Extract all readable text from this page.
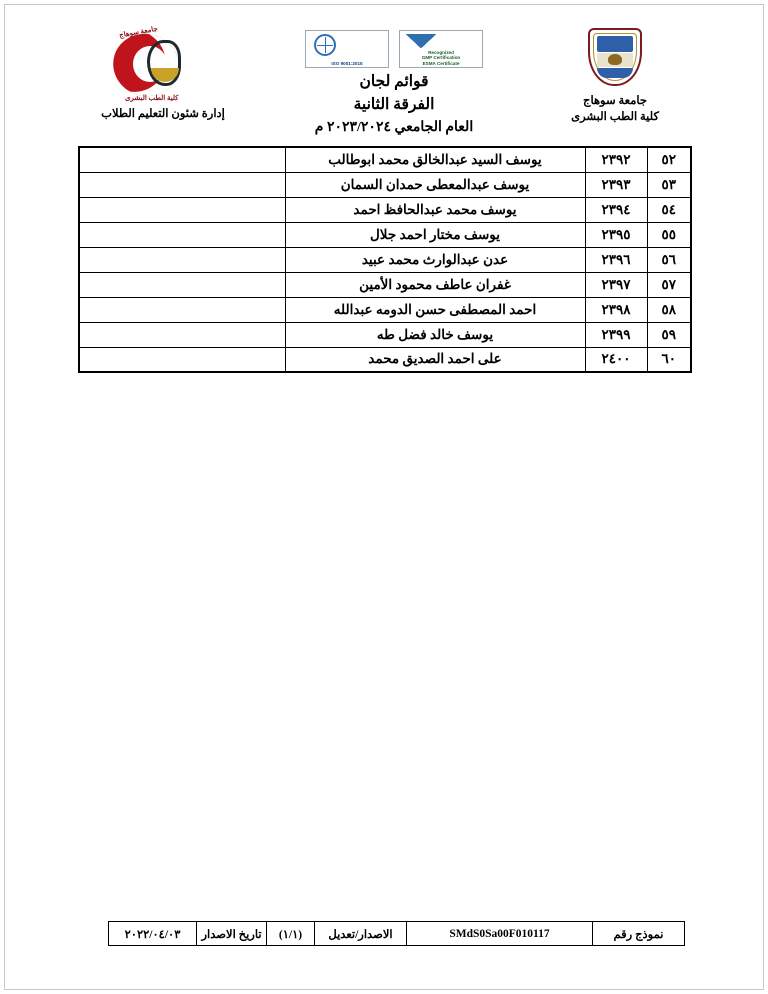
جامعة سوهاج
كلية الطب البشرى
Recognized
GMP Certification
ESMA Certificate
ISO 9001:2015
قوائم لجان
الفرقة الثانية
العام الجامعي ٢٠٢٣/٢٠٢٤ م
جامعة سوهاج
كلية الطب البشرى
إدارة شئون التعليم الطلاب
٥٢	٢٣٩٢	يوسف السيد عبدالخالق محمد ابوطالب	
٥٣	٢٣٩٣	يوسف عبدالمعطى حمدان السمان	
٥٤	٢٣٩٤	يوسف محمد عبدالحافظ احمد	
٥٥	٢٣٩٥	يوسف مختار احمد جلال	
٥٦	٢٣٩٦	عدن عبدالوارث محمد عبيد	
٥٧	٢٣٩٧	غفران عاطف محمود الأمين	
٥٨	٢٣٩٨	احمد المصطفى حسن الدومه عبدالله	
٥٩	٢٣٩٩	يوسف خالد فضل طه	
٦٠	٢٤٠٠	على احمد الصديق محمد	
نموذج رقم	SMdS0Sa00F010117	الاصدار/تعديل	(١/١)	تاريخ الاصدار	٢٠٢٢/٠٤/٠٣
